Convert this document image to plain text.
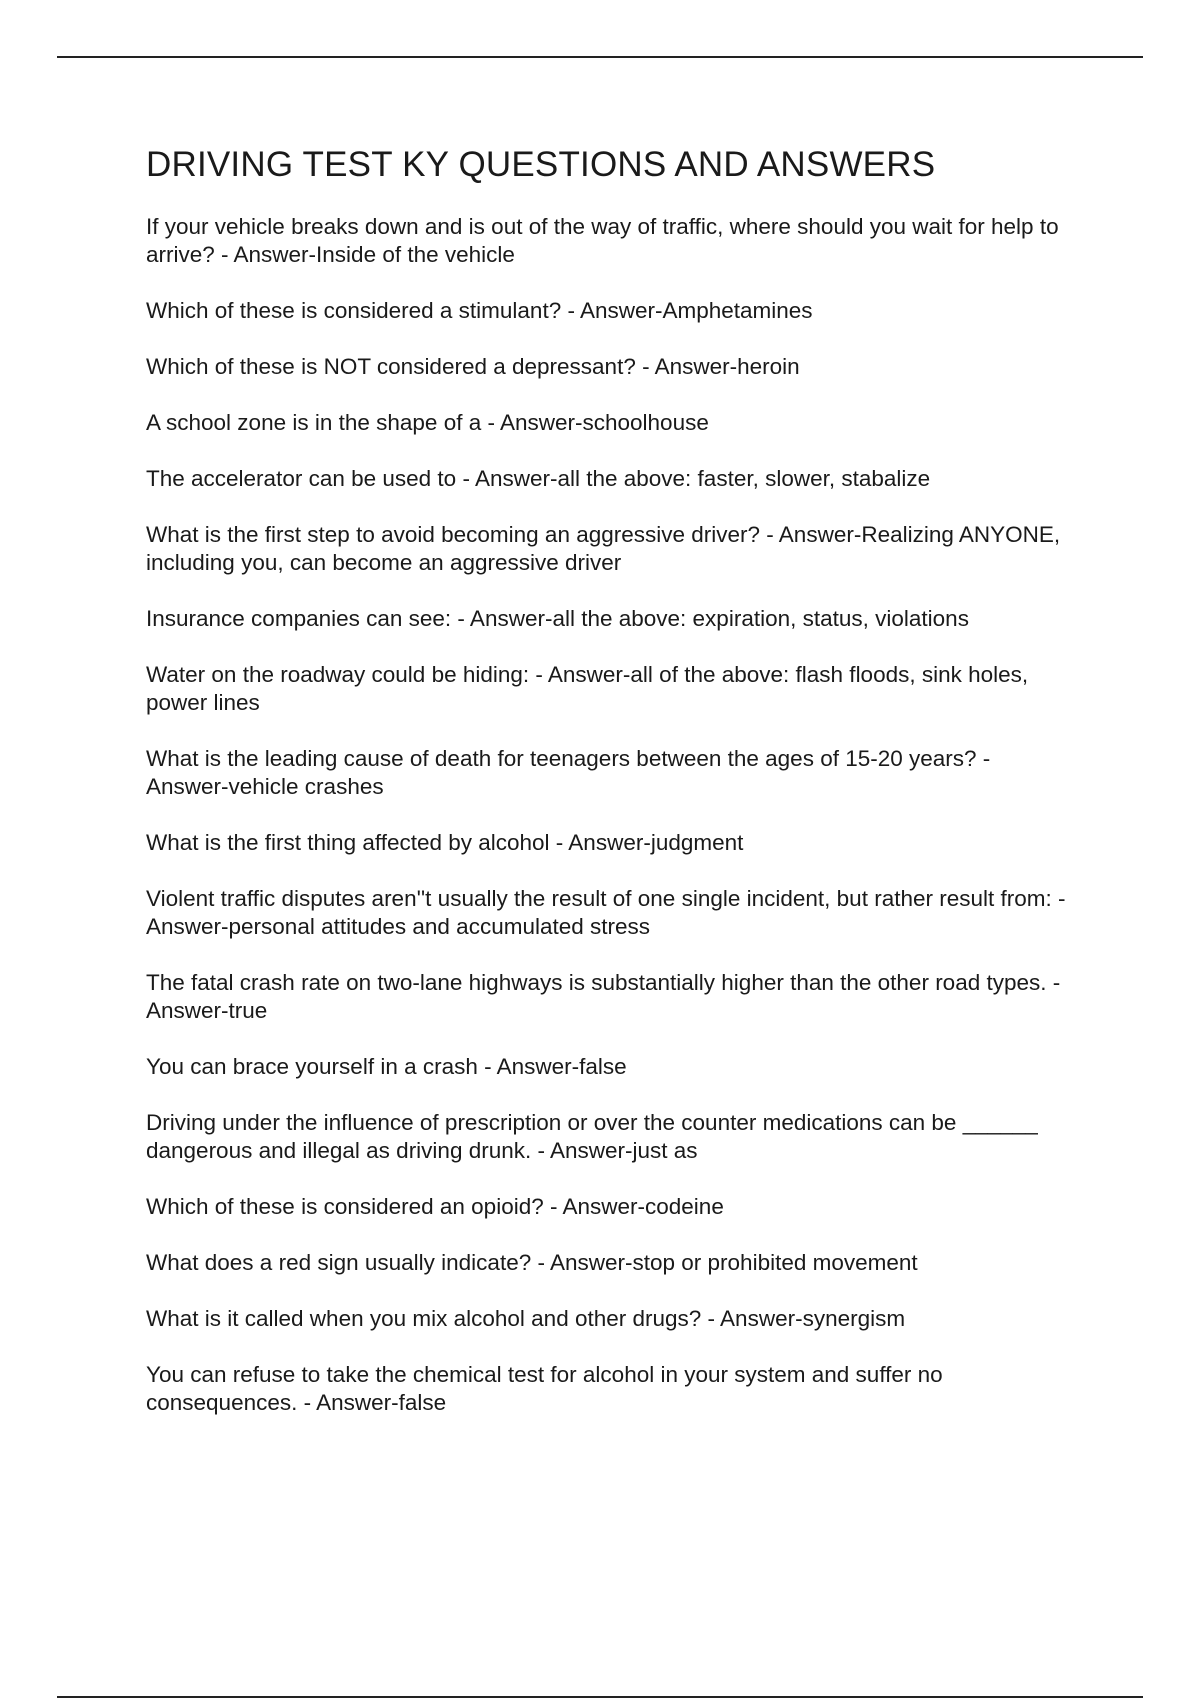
DRIVING TEST KY QUESTIONS AND ANSWERS
If your vehicle breaks down and is out of the way of traffic, where should you wait for help to arrive? - Answer-Inside of the vehicle
Which of these is considered a stimulant? - Answer-Amphetamines
Which of these is NOT considered a depressant? - Answer-heroin
A school zone is in the shape of a - Answer-schoolhouse
The accelerator can be used to - Answer-all the above: faster, slower, stabalize
What is the first step to avoid becoming an aggressive driver? - Answer-Realizing ANYONE, including you, can become an aggressive driver
Insurance companies can see: - Answer-all the above: expiration, status, violations
Water on the roadway could be hiding: - Answer-all of the above: flash floods, sink holes, power lines
What is the leading cause of death for teenagers between the ages of 15-20 years? - Answer-vehicle crashes
What is the first thing affected by alcohol - Answer-judgment
Violent traffic disputes aren''t usually the result of one single incident, but rather result from: - Answer-personal attitudes and accumulated stress
The fatal crash rate on two-lane highways is substantially higher than the other road types. - Answer-true
You can brace yourself in a crash - Answer-false
Driving under the influence of prescription or over the counter medications can be ______ dangerous and illegal as driving drunk. - Answer-just as
Which of these is considered an opioid? - Answer-codeine
What does a red sign usually indicate? - Answer-stop or prohibited movement
What is it called when you mix alcohol and other drugs? - Answer-synergism
You can refuse to take the chemical test for alcohol in your system and suffer no consequences. - Answer-false
